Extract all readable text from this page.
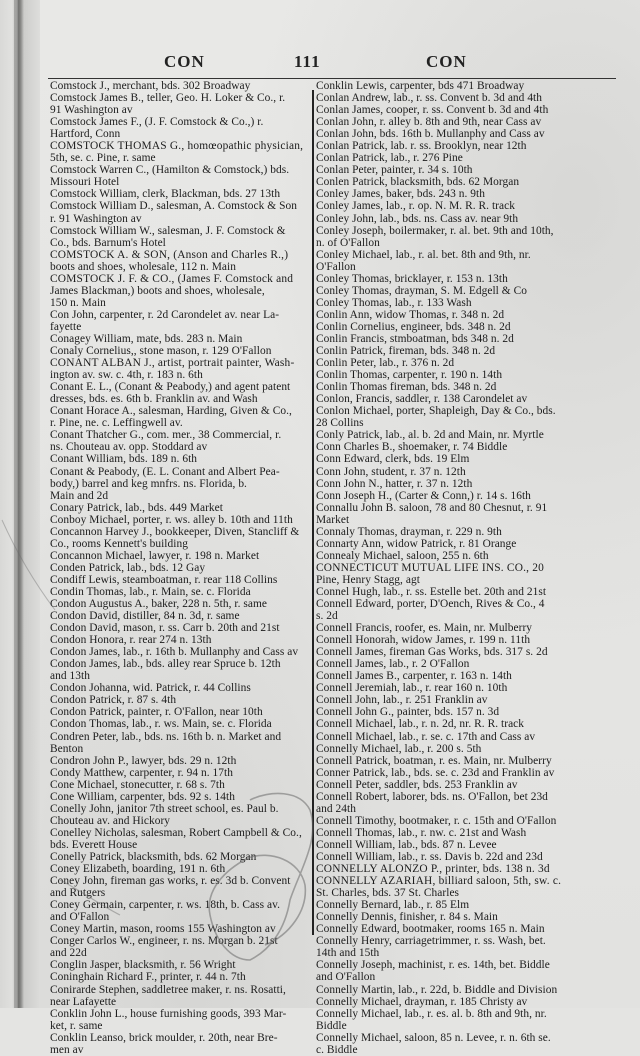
CON	111	CON

Comstock J., merchant, bds. 302 Broadway

Comstock James B., teller, Geo. H. Loker & Co., r.
91 Washington av

Comstock James F., (J. F. Comstock & Co.,) r.
Hartford, Conn

COMSTOCK THOMAS G., homœopathic physician,
5th, se. c. Pine, r. same

Comstock Warren C., (Hamilton & Comstock,) bds.
Missouri Hotel

Comstock William, clerk, Blackman, bds. 27 13th

Comstock William D., salesman, A. Comstock & Son
r. 91 Washington av

Comstock William W., salesman, J. F. Comstock &
Co., bds. Barnum's Hotel

COMSTOCK A. & SON, (Anson and Charles R.,)
boots and shoes, wholesale, 112 n. Main

COMSTOCK J. F. & CO., (James F. Comstock and
James Blackman,) boots and shoes, wholesale,
150 n. Main

Con John, carpenter, r. 2d Carondelet av. near La-
fayette

Conagey William, mate, bds. 283 n. Main

Conaly Cornelius,, stone mason, r. 129 O'Fallon

CONANT ALBAN J., artist, portrait painter, Wash-
ington av. sw. c. 4th, r. 183 n. 6th

Conant E. L., (Conant & Peabody,) and agent patent
dresses, bds. es. 6th b. Franklin av. and Wash

Conant Horace A., salesman, Harding, Given & Co.,
r. Pine, ne. c. Leffingwell av.

Conant Thatcher G., com. mer., 38 Commercial, r.
ns. Chouteau av. opp. Stoddard av

Conant William, bds. 189 n. 6th

Conant & Peabody, (E. L. Conant and Albert Pea-
body,) barrel and keg mnfrs. ns. Florida, b.
Main and 2d

Conary Patrick, lab., bds. 449 Market

Conboy Michael, porter, r. ws. alley b. 10th and 11th

Concannon Harvey J., bookkeeper, Diven, Stancliff &
Co., rooms Kennett's building

Concannon Michael, lawyer, r. 198 n. Market

Conden Patrick, lab., bds. 12 Gay

Condiff Lewis, steamboatman, r. rear 118 Collins

Condin Thomas, lab., r. Main, se. c. Florida

Condon Augustus A., baker, 228 n. 5th, r. same

Condon David, distiller, 84 n. 3d, r. same

Condon David, mason, r. ss. Carr b. 20th and 21st

Condon Honora, r. rear 274 n. 13th

Condon James, lab., r. 16th b. Mullanphy and Cass av

Condon James, lab., bds. alley rear Spruce b. 12th
and 13th

Condon Johanna, wid. Patrick, r. 44 Collins

Condon Patrick, r. 87 s. 4th

Condon Patrick, painter, r. O'Fallon, near 10th

Condon Thomas, lab., r. ws. Main, se. c. Florida

Condren Peter, lab., bds. ns. 16th b. n. Market and
Benton

Condron John P., lawyer, bds. 29 n. 12th

Condy Matthew, carpenter, r. 94 n. 17th

Cone Michael, stonecutter, r. 68 s. 7th

Cone William, carpenter, bds. 92 s. 14th

Conelly John, janitor 7th street school, es. Paul b.
Chouteau av. and Hickory

Conelley Nicholas, salesman, Robert Campbell & Co.,
bds. Everett House

Conelly Patrick, blacksmith, bds. 62 Morgan

Coney Elizabeth, boarding, 191 n. 6th

Coney John, fireman gas works, r. es. 3d b. Convent
and Rutgers

Coney Germain, carpenter, r. ws. 18th, b. Cass av.
and O'Fallon

Coney Martin, mason, rooms 155 Washington av

Conger Carlos W., engineer, r. ns. Morgan b. 21st
and 22d

Conglin Jasper, blacksmith, r. 56 Wright

Coninghain Richard F., printer, r. 44 n. 7th

Conirarde Stephen, saddletree maker, r. ns. Rosatti,
near Lafayette

Conklin John L., house furnishing goods, 393 Mar-
ket, r. same

Conklin Leanso, brick moulder, r. 20th, near Bre-
men av

Conklin Lewis, carpenter, bds 471 Broadway

Conlan Andrew, lab., r. ss. Convent b. 3d and 4th

Conlan James, cooper, r. ss. Convent b. 3d and 4th

Conlan John, r. alley b. 8th and 9th, near Cass av

Conlan John, bds. 16th b. Mullanphy and Cass av

Conlan Patrick, lab. r. ss. Brooklyn, near 12th

Conlan Patrick, lab., r. 276 Pine

Conlan Peter, painter, r. 34 s. 10th

Conlen Patrick, blacksmith, bds. 62 Morgan

Conley James, baker, bds. 243 n. 9th

Conley James, lab., r. op. N. M. R. R. track

Conley John, lab., bds. ns. Cass av. near 9th

Conley Joseph, boilermaker, r. al. bet. 9th and 10th,
n. of O'Fallon

Conley Michael, lab., r. al. bet. 8th and 9th, nr.
O'Fallon

Conley Thomas, bricklayer, r. 153 n. 13th

Conley Thomas, drayman, S. M. Edgell & Co

Conley Thomas, lab., r. 133 Wash

Conlin Ann, widow Thomas, r. 348 n. 2d

Conlin Cornelius, engineer, bds. 348 n. 2d

Conlin Francis, stmboatman, bds 348 n. 2d

Conlin Patrick, fireman, bds. 348 n. 2d

Conlin Peter, lab., r. 376 n. 2d

Conlin Thomas, carpenter, r. 190 n. 14th

Conlin Thomas fireman, bds. 348 n. 2d

Conlon, Francis, saddler, r. 138 Carondelet av

Conlon Michael, porter, Shapleigh, Day & Co., bds.
28 Collins

Conly Patrick, lab., al. b. 2d and Main, nr. Myrtle

Conn Charles B., shoemaker, r. 74 Biddle

Conn Edward, clerk, bds. 19 Elm

Conn John, student, r. 37 n. 12th

Conn John N., hatter, r. 37 n. 12th

Conn Joseph H., (Carter & Conn,) r. 14 s. 16th

Connallu John B. saloon, 78 and 80 Chesnut, r. 91
Market

Connaly Thomas, drayman, r. 229 n. 9th

Connarty Ann, widow Patrick, r. 81 Orange

Connealy Michael, saloon, 255 n. 6th

CONNECTICUT MUTUAL LIFE INS. CO., 20
Pine, Henry Stagg, agt

Connel Hugh, lab., r. ss. Estelle bet. 20th and 21st

Connell Edward, porter, D'Oench, Rives & Co., 4
s. 2d

Connell Francis, roofer, es. Main, nr. Mulberry

Connell Honorah, widow James, r. 199 n. 11th

Connell James, fireman Gas Works, bds. 317 s. 2d

Connell James, lab., r. 2 O'Fallon

Connell James B., carpenter, r. 163 n. 14th

Connell Jeremiah, lab., r. rear 160 n. 10th

Connell John, lab., r. 251 Franklin av

Connell John G., painter, bds. 157 n. 3d

Connell Michael, lab., r. n. 2d, nr. R. R. track

Connell Michael, lab., r. se. c. 17th and Cass av

Connelly Michael, lab., r. 200 s. 5th

Connell Patrick, boatman, r. es. Main, nr. Mulberry

Conner Patrick, lab., bds. se. c. 23d and Franklin av

Connell Peter, saddler, bds. 253 Franklin av

Connell Robert, laborer, bds. ns. O'Fallon, bet 23d
and 24th

Connell Timothy, bootmaker, r. c. 15th and O'Fallon

Connell Thomas, lab., r. nw. c. 21st and Wash

Connell William, lab., bds. 87 n. Levee

Connell William, lab., r. ss. Davis b. 22d and 23d

CONNELLY ALONZO P., printer, bds. 138 n. 3d

CONNELLY AZARIAH, billiard saloon, 5th, sw. c.
St. Charles, bds. 37 St. Charles

Connelly Bernard, lab., r. 85 Elm

Connelly Dennis, finisher, r. 84 s. Main

Connelly Edward, bootmaker, rooms 165 n. Main

Connelly Henry, carriagetrimmer, r. ss. Wash, bet.
14th and 15th

Connelly Joseph, machinist, r. es. 14th, bet. Biddle
and O'Fallon

Connelly Martin, lab., r. 22d, b. Biddle and Division

Connelly Michael, drayman, r. 185 Christy av

Connelly Michael, lab., r. es. al. b. 8th and 9th, nr.
Biddle

Connelly Michael, saloon, 85 n. Levee, r. n. 6th se.
c. Biddle
